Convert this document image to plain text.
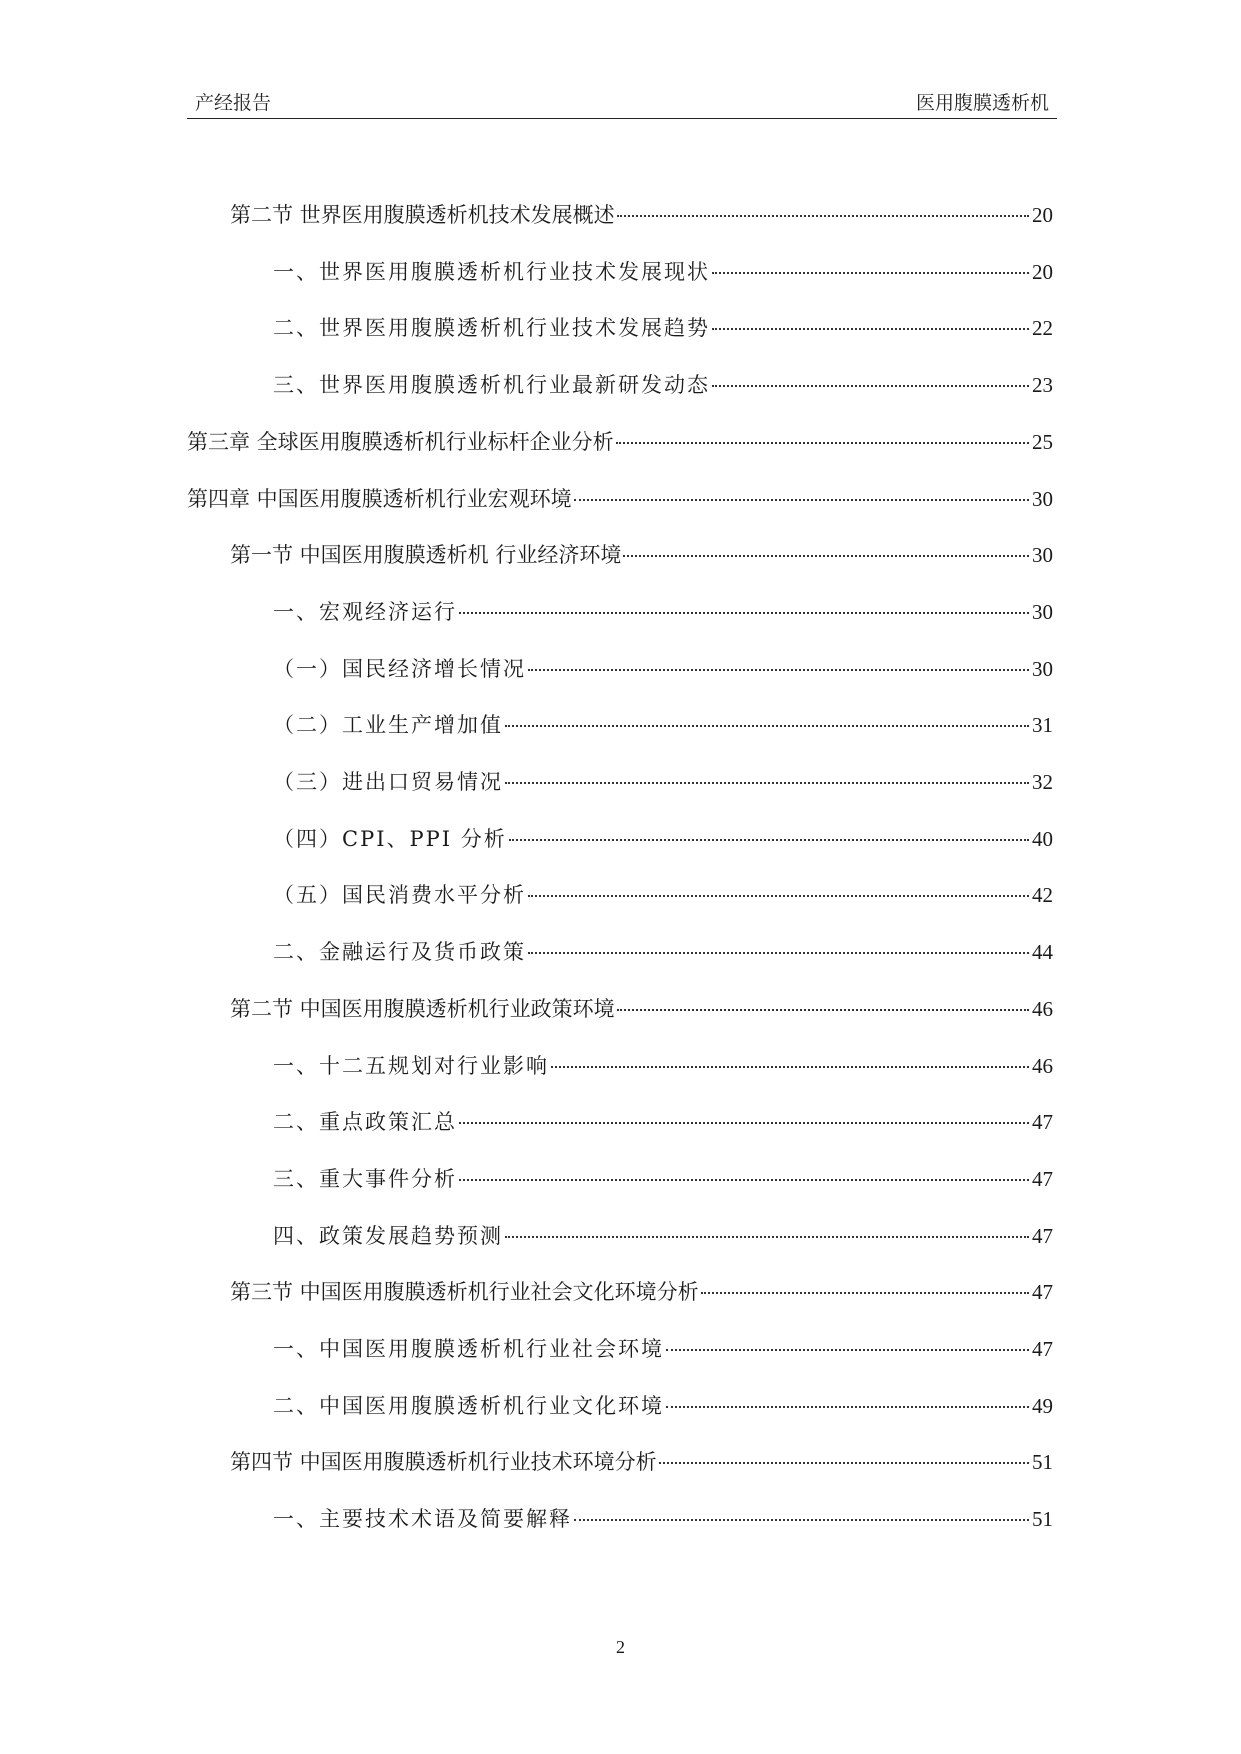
产经报告	医用腹膜透析机
第二节 世界医用腹膜透析机技术发展概述	20
一、世界医用腹膜透析机行业技术发展现状	20
二、世界医用腹膜透析机行业技术发展趋势	22
三、世界医用腹膜透析机行业最新研发动态	23
第三章 全球医用腹膜透析机行业标杆企业分析	25
第四章 中国医用腹膜透析机行业宏观环境	30
第一节 中国医用腹膜透析机 行业经济环境	30
一、宏观经济运行	30
（一）国民经济增长情况	30
（二）工业生产增加值	31
（三）进出口贸易情况	32
（四）CPI、PPI 分析	40
（五）国民消费水平分析	42
二、金融运行及货币政策	44
第二节 中国医用腹膜透析机行业政策环境	46
一、十二五规划对行业影响	46
二、重点政策汇总	47
三、重大事件分析	47
四、政策发展趋势预测	47
第三节 中国医用腹膜透析机行业社会文化环境分析	47
一、中国医用腹膜透析机行业社会环境	47
二、中国医用腹膜透析机行业文化环境	49
第四节 中国医用腹膜透析机行业技术环境分析	51
一、主要技术术语及简要解释	51
2
